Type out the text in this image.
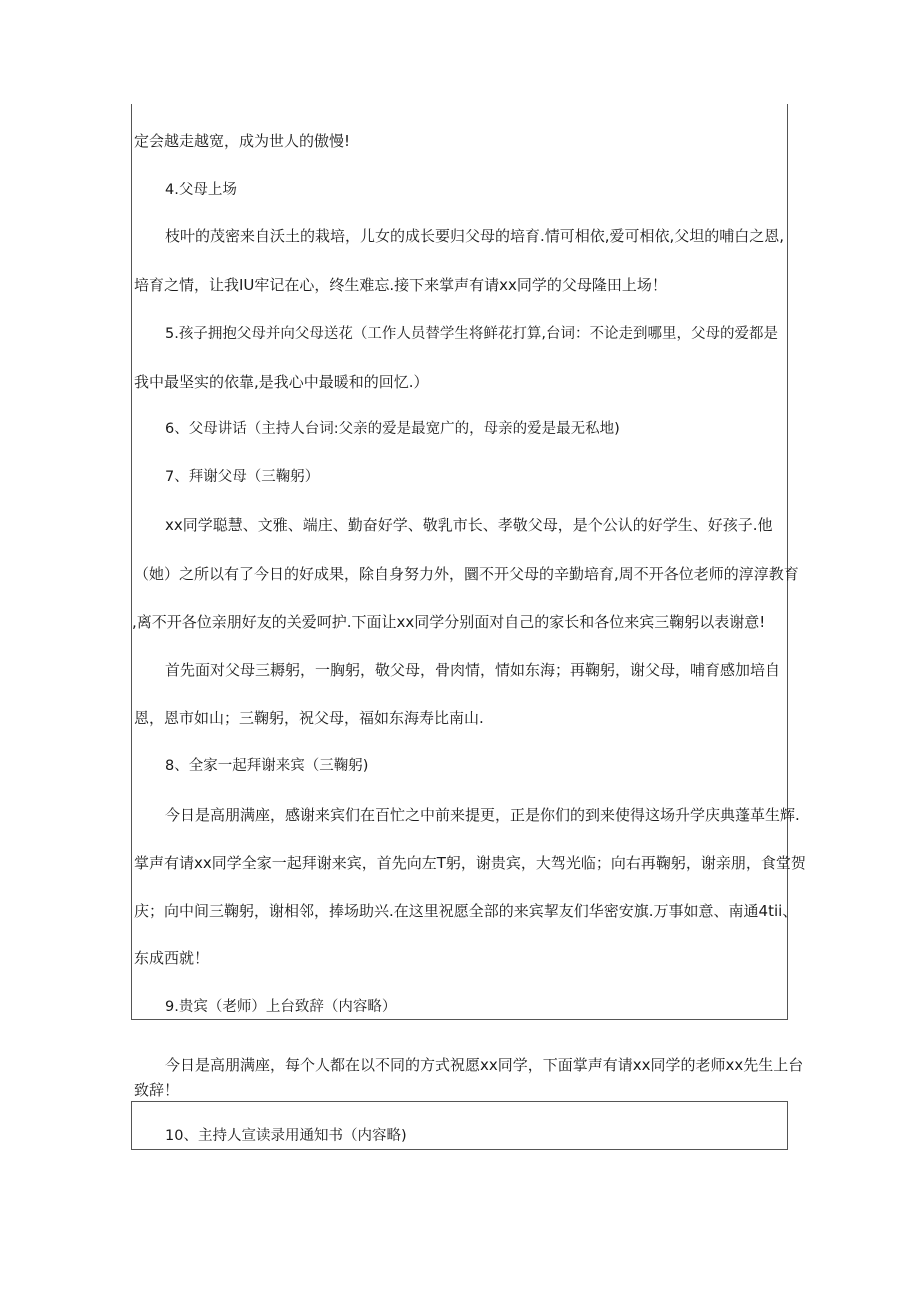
定会越走越宽，成为世人的傲慢!
4.父母上场
枝叶的茂密来自沃土的栽培，儿女的成长要归父母的培育.情可相依,爱可相依,父坦的哺白之恩,
培育之情，让我IU牢记在心，终生难忘.接下来掌声有请xx同学的父母隆田上场！
5.孩子拥抱父母并向父母送花（工作人员替学生将鲜花打算,台词：不论走到哪里，父母的爱都是
我中最坚实的依靠,是我心中最暖和的回忆.）
6、父母讲话（主持人台词:父亲的爱是最宽广的，母亲的爱是最无私地)
7、拜谢父母（三鞠躬）
xx同学聪慧、文雅、端庄、勤奋好学、敬乳市长、孝敬父母，是个公认的好学生、好孩子.他
（她）之所以有了今日的好成果，除自身努力外，圜不开父母的辛勤培育,周不开各位老师的淳淳教育
,离不开各位亲朋好友的关爱呵护.下面让xx同学分别面对自己的家长和各位来宾三鞠躬以表谢意!
首先面对父母三耨躬，一胸躬，敬父母，骨肉情，情如东海；再鞠躬，谢父母，哺育感加培自
恩，恩市如山；三鞠躬，祝父母，福如东海寿比南山.
8、全家一起拜谢来宾（三鞠躬)
今日是高朋满座，感谢来宾们在百忙之中前来提更，正是你们的到来使得这场升学庆典蓬革生辉.
掌声有请xx同学全家一起拜谢来宾，首先向左T躬，谢贵宾，大驾光临；向右再鞠躬，谢亲朋，食堂贺
庆；向中间三鞠躬，谢相邻，捧场助兴.在这里祝愿全部的来宾挈友们华密安旗.万事如意、南通4tii、
东成西就！
9.贵宾（老师）上台致辞（内容略）
今日是高朋满座，每个人都在以不同的方式祝愿xx同学，下面掌声有请xx同学的老师xx先生上台
致辞！
10、主持人宣读录用通知书（内容略)
